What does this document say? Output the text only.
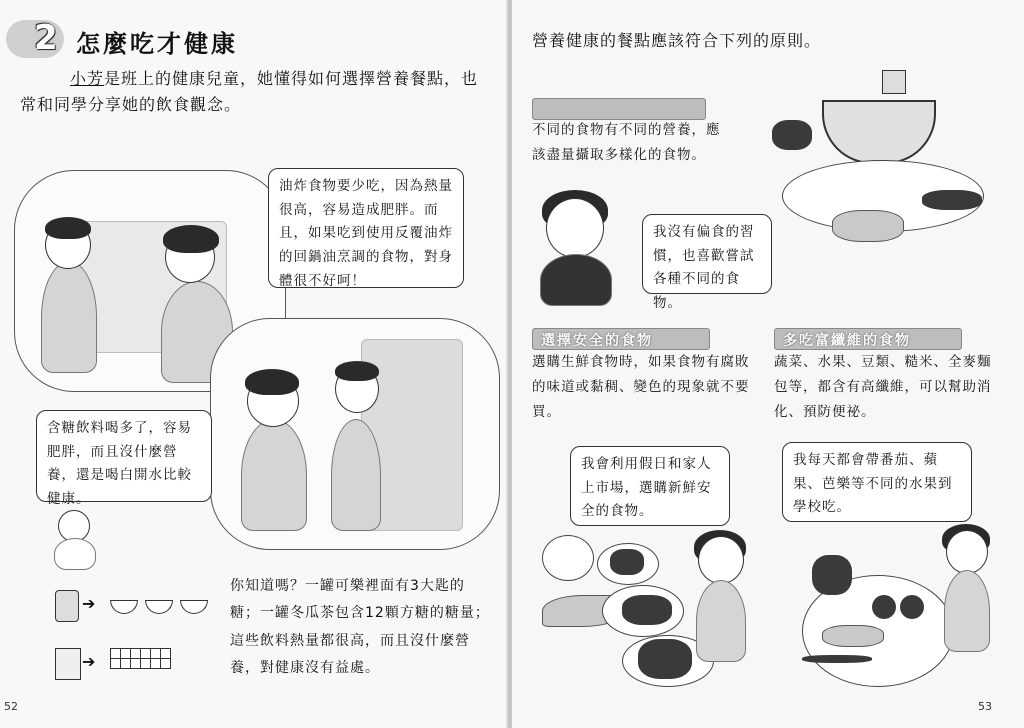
2 怎麼吃才健康
小芳是班上的健康兒童，她懂得如何選擇營養餐點，也常和同學分享她的飲食觀念。
油炸食物要少吃，因為熱量很高，容易造成肥胖。而且，如果吃到使用反覆油炸的回鍋油烹調的食物，對身體很不好呵！
含糖飲料喝多了，容易肥胖，而且沒什麼營養，還是喝白開水比較健康。
➔
➔
你知道嗎？一罐可樂裡面有3大匙的糖；一罐冬瓜茶包含12顆方糖的糖量；這些飲料熱量都很高，而且沒什麼營養，對健康沒有益處。
52
營養健康的餐點應該符合下列的原則。
不同的食物有不同的營養，應該盡量攝取多樣化的食物。
我沒有偏食的習慣，也喜歡嘗試各種不同的食物。
選擇安全的食物
選購生鮮食物時，如果食物有腐敗的味道或黏稠、變色的現象就不要買。
我會利用假日和家人上市場，選購新鮮安全的食物。
多吃富纖維的食物
蔬菜、水果、豆類、糙米、全麥麵包等，都含有高纖維，可以幫助消化、預防便祕。
我每天都會帶番茄、蘋果、芭樂等不同的水果到學校吃。
53
